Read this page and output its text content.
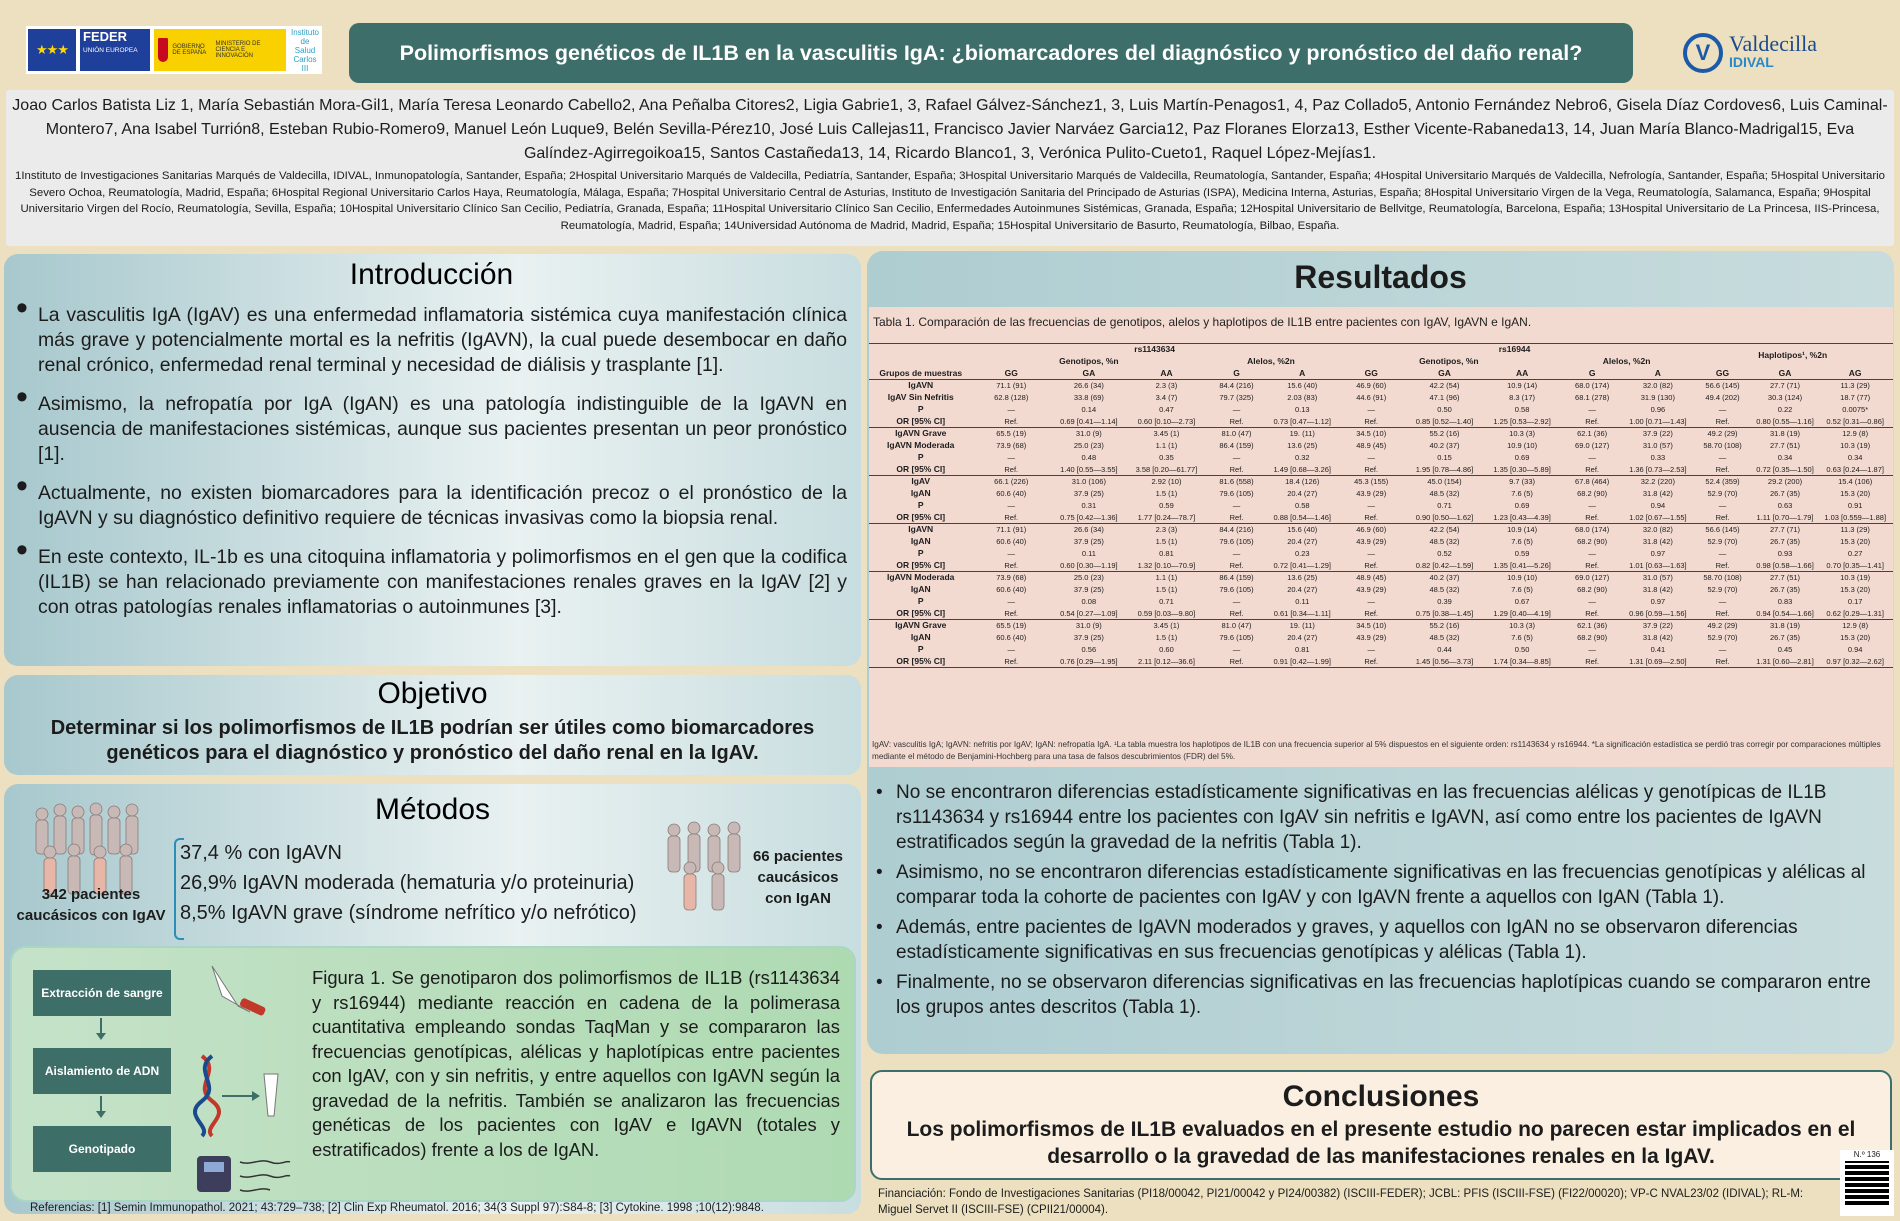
★★★
FEDER
UNIÓN EUROPEA	GOBIERNO DE ESPAÑA
MINISTERIO DE CIENCIA E INNOVACIÓN
Instituto de Salud Carlos III
Polimorfismos genéticos de IL1B en la vasculitis IgA: ¿biomarcadores del diagnóstico y pronóstico del daño renal?	V Valdecilla
IDIVAL
Joao Carlos Batista Liz 1, María Sebastián Mora-Gil1, María Teresa Leonardo Cabello2, Ana Peñalba Citores2, Ligia Gabrie1, 3, Rafael Gálvez-Sánchez1, 3, Luis Martín-Penagos1, 4, Paz Collado5, Antonio Fernández Nebro6, Gisela Díaz Cordoves6, Luis Caminal-Montero7, Ana Isabel Turrión8, Esteban Rubio-Romero9, Manuel León Luque9, Belén Sevilla-Pérez10, José Luis Callejas11, Francisco Javier Narváez Garcia12, Paz Floranes Elorza13, Esther Vicente-Rabaneda13, 14, Juan María Blanco-Madrigal15, Eva Galíndez-Agirregoikoa15, Santos Castañeda13, 14, Ricardo Blanco1, 3, Verónica Pulito-Cueto1, Raquel López-Mejías1.
1Instituto de Investigaciones Sanitarias Marqués de Valdecilla, IDIVAL, Inmunopatología, Santander, España; 2Hospital Universitario Marqués de Valdecilla, Pediatría, Santander, España; 3Hospital Universitario Marqués de Valdecilla, Reumatología, Santander, España; 4Hospital Universitario Marqués de Valdecilla, Nefrología, Santander, España; 5Hospital Universitario Severo Ochoa, Reumatología, Madrid, España; 6Hospital Regional Universitario Carlos Haya, Reumatología, Málaga, España; 7Hospital Universitario Central de Asturias, Instituto de Investigación Sanitaria del Principado de Asturias (ISPA), Medicina Interna, Asturias, España; 8Hospital Universitario Virgen de la Vega, Reumatología, Salamanca, España; 9Hospital Universitario Virgen del Rocío, Reumatología, Sevilla, España; 10Hospital Universitario Clínico San Cecilio, Pediatría, Granada, España; 11Hospital Universitario Clínico San Cecilio, Enfermedades Autoinmunes Sistémicas, Granada, España; 12Hospital Universitario de Bellvitge, Reumatología, Barcelona, España; 13Hospital Universitario de La Princesa, IIS-Princesa, Reumatología, Madrid, España; 14Universidad Autónoma de Madrid, Madrid, España; 15Hospital Universitario de Basurto, Reumatología, Bilbao, España.
Introducción
• La vasculitis IgA (IgAV) es una enfermedad inflamatoria sistémica cuya manifestación clínica más grave y potencialmente mortal es la nefritis (IgAVN), la cual puede desembocar en daño renal crónico, enfermedad renal terminal y necesidad de diálisis y trasplante [1].
• Asimismo, la nefropatía por IgA (IgAN) es una patología indistinguible de la IgAVN en ausencia de manifestaciones sistémicas, aunque sus pacientes presentan un peor pronóstico [1].
• Actualmente, no existen biomarcadores para la identificación precoz o el pronóstico de la IgAVN y su diagnóstico definitivo requiere de técnicas invasivas como la biopsia renal.
• En este contexto, IL-1b es una citoquina inflamatoria y polimorfismos en el gen que la codifica (IL1B) se han relacionado previamente con manifestaciones renales graves en la IgAV [2] y con otras patologías renales inflamatorias o autoinmunes [3].
Objetivo
Determinar si los polimorfismos de IL1B podrían ser útiles como biomarcadores genéticos para el diagnóstico y pronóstico del daño renal en la IgAV.
Métodos
342 pacientes caucásicos con IgAV
66 pacientes caucásicos con IgAN
37,4 % con IgAVN
26,9% IgAVN moderada (hematuria y/o proteinuria)
8,5% IgAVN grave (síndrome nefrítico y/o nefrótico)
Extracción de sangre
Aislamiento de ADN
Genotipado
Figura 1. Se genotiparon dos polimorfismos de IL1B (rs1143634 y rs16944) mediante reacción en cadena de la polimerasa cuantitativa empleando sondas TaqMan y se compararon las frecuencias genotípicas, alélicas y haplotípicas entre pacientes con IgAV, con y sin nefritis, y entre aquellos con IgAVN según la gravedad de la nefritis. También se analizaron las frecuencias genéticas de los pacientes con IgAV e IgAVN (totales y estratificados) frente a los de IgAN.
Referencias: [1] Semin Immunopathol. 2021; 43:729–738; [2] Clin Exp Rheumatol. 2016; 34(3 Suppl 97):S84-8; [3] Cytokine. 1998 ;10(12):9848.
Resultados
Tabla 1. Comparación de las frecuencias de genotipos, alelos y haplotipos de IL1B entre pacientes con IgAV, IgAVN e IgAN.
	rs1143634					rs16944					Haplotipos¹, %2n		
	Genotipos, %n			Alelos, %2n		Genotipos, %n			Alelos, %2n				
Grupos de muestras	GG	GA	AA	G	A	GG	GA	AA	G	A	GG	GA	AG
IgAVN	71.1 (91)	26.6 (34)	2.3 (3)	84.4 (216)	15.6 (40)	46.9 (60)	42.2 (54)	10.9 (14)	68.0 (174)	32.0 (82)	56.6 (145)	27.7 (71)	11.3 (29)
IgAV Sin Nefritis	62.8 (128)	33.8 (69)	3.4 (7)	79.7 (325)	2.03 (83)	44.6 (91)	47.1 (96)	8.3 (17)	68.1 (278)	31.9 (130)	49.4 (202)	30.3 (124)	18.7 (77)
P	—	0.14	0.47	—	0.13	—	0.50	0.58	—	0.96	—	0.22	0.0075*
OR [95% CI]	Ref.	0.69 [0.41—1.14]	0.60 [0.10—2.73]	Ref.	0.73 [0.47—1.12]	Ref.	0.85 [0.52—1.40]	1.25 [0.53—2.92]	Ref.	1.00 [0.71—1.43]	Ref.	0.80 [0.55—1.16]	0.52 [0.31—0.86]
IgAVN Grave	65.5 (19)	31.0 (9)	3.45 (1)	81.0 (47)	19. (11)	34.5 (10)	55.2 (16)	10.3 (3)	62.1 (36)	37.9 (22)	49.2 (29)	31.8 (19)	12.9 (8)
IgAVN Moderada	73.9 (68)	25.0 (23)	1.1 (1)	86.4 (159)	13.6 (25)	48.9 (45)	40.2 (37)	10.9 (10)	69.0 (127)	31.0 (57)	58.70 (108)	27.7 (51)	10.3 (19)
P	—	0.48	0.35	—	0.32	—	0.15	0.69	—	0.33	—	0.34	0.34
OR [95% CI]	Ref.	1.40 [0.55—3.55]	3.58 [0.20—61.77]	Ref.	1.49 [0.68—3.26]	Ref.	1.95 [0.78—4.86]	1.35 [0.30—5.89]	Ref.	1.36 [0.73—2.53]	Ref.	0.72 [0.35—1.50]	0.63 [0.24—1.87]
IgAV	66.1 (226)	31.0 (106)	2.92 (10)	81.6 (558)	18.4 (126)	45.3 (155)	45.0 (154)	9.7 (33)	67.8 (464)	32.2 (220)	52.4 (359)	29.2 (200)	15.4 (106)
IgAN	60.6 (40)	37.9 (25)	1.5 (1)	79.6 (105)	20.4 (27)	43.9 (29)	48.5 (32)	7.6 (5)	68.2 (90)	31.8 (42)	52.9 (70)	26.7 (35)	15.3 (20)
P	—	0.31	0.59	—	0.58	—	0.71	0.69	—	0.94	—	0.63	0.91
OR [95% CI]	Ref.	0.75 [0.42—1.36]	1.77 [0.24—78.7]	Ref.	0.88 [0.54—1.46]	Ref.	0.90 [0.50—1.62]	1.23 [0.43—4.39]	Ref.	1.02 [0.67—1.55]	Ref.	1.11 [0.70—1.79]	1.03 [0.559—1.88]
IgAVN	71.1 (91)	26.6 (34)	2.3 (3)	84.4 (216)	15.6 (40)	46.9 (60)	42.2 (54)	10.9 (14)	68.0 (174)	32.0 (82)	56.6 (145)	27.7 (71)	11.3 (29)
IgAN	60.6 (40)	37.9 (25)	1.5 (1)	79.6 (105)	20.4 (27)	43.9 (29)	48.5 (32)	7.6 (5)	68.2 (90)	31.8 (42)	52.9 (70)	26.7 (35)	15.3 (20)
P	—	0.11	0.81	—	0.23	—	0.52	0.59	—	0.97	—	0.93	0.27
OR [95% CI]	Ref.	0.60 [0.30—1.19]	1.32 [0.10—70.9]	Ref.	0.72 [0.41—1.29]	Ref.	0.82 [0.42—1.59]	1.35 [0.41—5.26]	Ref.	1.01 [0.63—1.63]	Ref.	0.98 [0.58—1.66]	0.70 [0.35—1.41]
IgAVN Moderada	73.9 (68)	25.0 (23)	1.1 (1)	86.4 (159)	13.6 (25)	48.9 (45)	40.2 (37)	10.9 (10)	69.0 (127)	31.0 (57)	58.70 (108)	27.7 (51)	10.3 (19)
IgAN	60.6 (40)	37.9 (25)	1.5 (1)	79.6 (105)	20.4 (27)	43.9 (29)	48.5 (32)	7.6 (5)	68.2 (90)	31.8 (42)	52.9 (70)	26.7 (35)	15.3 (20)
P	—	0.08	0.71	—	0.11	—	0.39	0.67	—	0.97	—	0.83	0.17
OR [95% CI]	Ref.	0.54 [0.27—1.09]	0.59 [0.03—9.80]	Ref.	0.61 [0.34—1.11]	Ref.	0.75 [0.38—1.45]	1.29 [0.40—4.19]	Ref.	0.96 [0.59—1.56]	Ref.	0.94 [0.54—1.66]	0.62 [0.29—1.31]
IgAVN Grave	65.5 (19)	31.0 (9)	3.45 (1)	81.0 (47)	19. (11)	34.5 (10)	55.2 (16)	10.3 (3)	62.1 (36)	37.9 (22)	49.2 (29)	31.8 (19)	12.9 (8)
IgAN	60.6 (40)	37.9 (25)	1.5 (1)	79.6 (105)	20.4 (27)	43.9 (29)	48.5 (32)	7.6 (5)	68.2 (90)	31.8 (42)	52.9 (70)	26.7 (35)	15.3 (20)
P	—	0.56	0.60	—	0.81	—	0.44	0.50	—	0.41	—	0.45	0.94
OR [95% CI]	Ref.	0.76 [0.29—1.95]	2.11 [0.12—36.6]	Ref.	0.91 [0.42—1.99]	Ref.	1.45 [0.56—3.73]	1.74 [0.34—8.85]	Ref.	1.31 [0.69—2.50]	Ref.	1.31 [0.60—2.81]	0.97 [0.32—2.62]
IgAV: vasculitis IgA; IgAVN: nefritis por IgAV; IgAN: nefropatía IgA. ¹La tabla muestra los haplotipos de IL1B con una frecuencia superior al 5% dispuestos en el siguiente orden: rs1143634 y rs16944. *La significación estadística se perdió tras corregir por comparaciones múltiples mediante el método de Benjamini-Hochberg para una tasa de falsos descubrimientos (FDR) del 5%.
• No se encontraron diferencias estadísticamente significativas en las frecuencias alélicas y genotípicas de IL1B rs1143634 y rs16944 entre los pacientes con IgAV sin nefritis e IgAVN, así como entre los pacientes de IgAVN estratificados según la gravedad de la nefritis (Tabla 1).
• Asimismo, no se encontraron diferencias estadísticamente significativas en las frecuencias genotípicas y alélicas al comparar toda la cohorte de pacientes con IgAV y con IgAVN frente a aquellos con IgAN (Tabla 1).
• Además, entre pacientes de IgAVN moderados y graves, y aquellos con IgAN no se observaron diferencias estadísticamente significativas en sus frecuencias genotípicas y alélicas (Tabla 1).
• Finalmente, no se observaron diferencias significativas en las frecuencias haplotípicas cuando se compararon entre los grupos antes descritos (Tabla 1).
Conclusiones
Los polimorfismos de IL1B evaluados en el presente estudio no parecen estar implicados en el desarrollo o la gravedad de las manifestaciones renales en la IgAV.
Financiación: Fondo de Investigaciones Sanitarias (PI18/00042, PI21/00042 y PI24/00382) (ISCIII-FEDER); JCBL: PFIS (ISCIII-FSE) (FI22/00020); VP-C NVAL23/02 (IDIVAL); RL-M: Miguel Servet II (ISCIII-FSE) (CPII21/00004).
N.º 136
